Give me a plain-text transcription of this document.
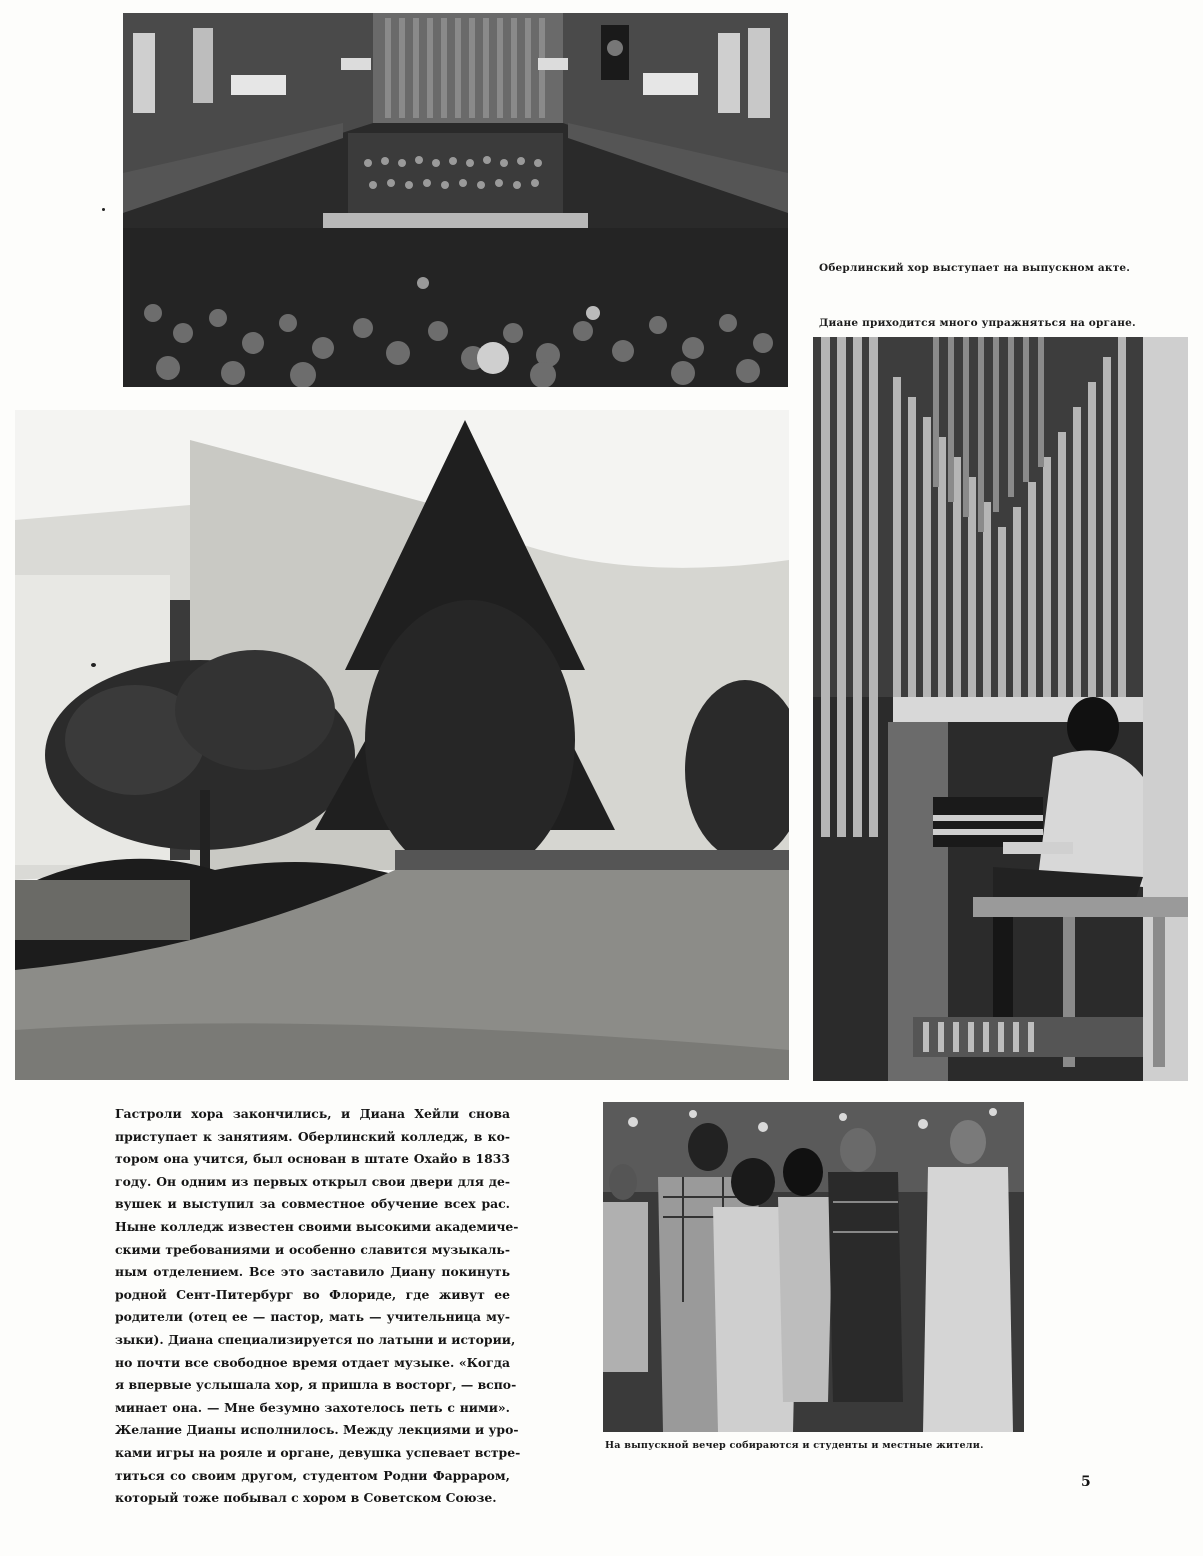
Оберлинский хор выступает на выпускном акте.
Диане приходится много упражняться на органе.
На выпускной вечер собираются и студенты и местные жители.
Гастроли хора закончились, и Диана Хейли снова
приступает к занятиям. Оберлинский колледж, в ко-
тором она учится, был основан в штате Охайо в 1833
году. Он одним из первых открыл свои двери для де-
вушек и выступил за совместное обучение всех рас.
Ныне колледж известен своими высокими академиче-
скими требованиями и особенно славится музыкаль-
ным отделением. Все это заставило Диану покинуть
родной Сент-Питербург во Флориде, где живут ее
родители (отец ее — пастор, мать — учительница му-
зыки). Диана специализируется по латыни и истории,
но почти все свободное время отдает музыке. «Когда
я впервые услышала хор, я пришла в восторг, — вспо-
минает она. — Мне безумно захотелось петь с ними».
Желание Дианы исполнилось. Между лекциями и уро-
ками игры на рояле и органе, девушка успевает встре-
титься со своим другом, студентом Родни Фарраром,
который тоже побывал с хором в Советском Союзе.
5
